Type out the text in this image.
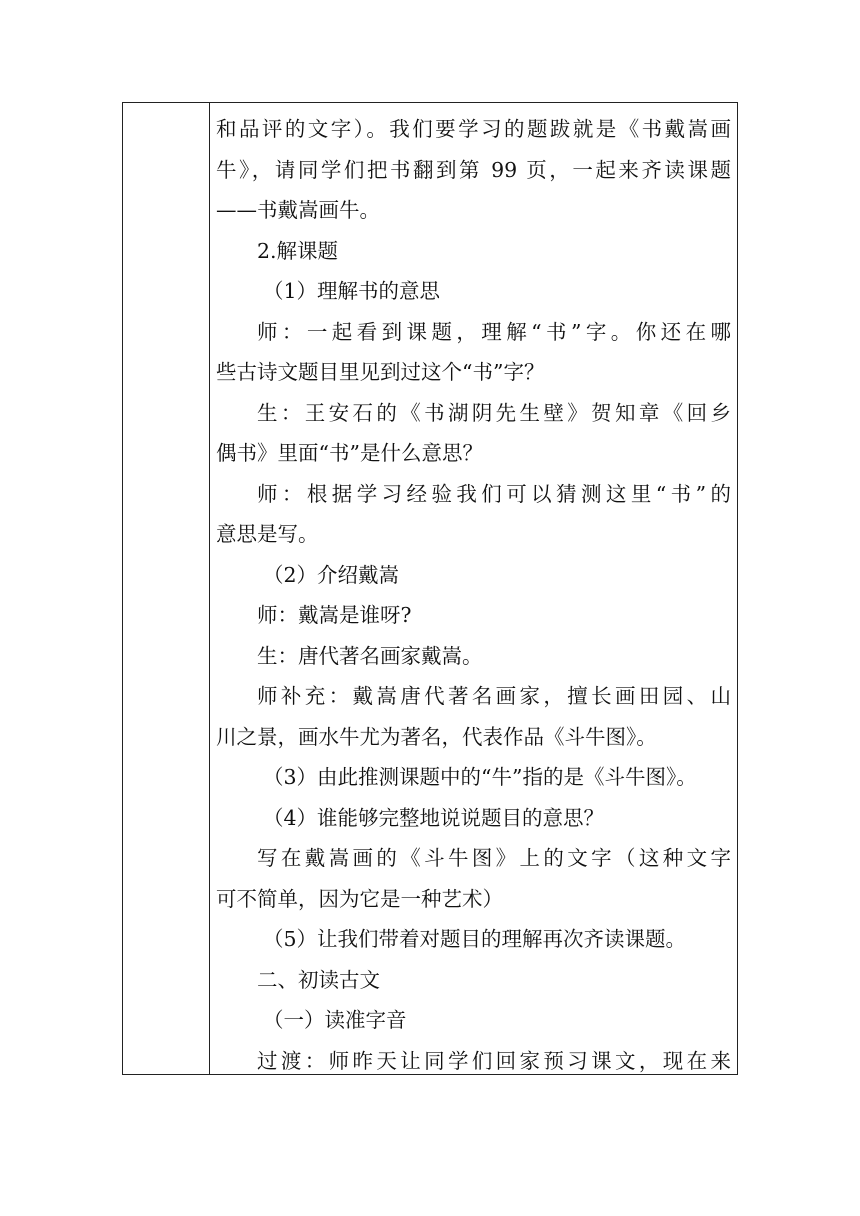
和品评的文字）。我们要学习的题跋就是《书戴嵩画
牛》，请同学们把书翻到第 99 页，一起来齐读课题
——书戴嵩画牛。
2.解课题
（1）理解书的意思
师：一起看到课题，理解“书”字。你还在哪
些古诗文题目里见到过这个“书”字？
生：王安石的《书湖阴先生壁》贺知章《回乡
偶书》里面“书”是什么意思？
师：根据学习经验我们可以猜测这里“书”的
意思是写。
（2）介绍戴嵩
师：戴嵩是谁呀?
生：唐代著名画家戴嵩。
师补充：戴嵩唐代著名画家，擅长画田园、山
川之景，画水牛尤为著名，代表作品《斗牛图》。
（3）由此推测课题中的“牛”指的是《斗牛图》。
（4）谁能够完整地说说题目的意思？
写在戴嵩画的《斗牛图》上的文字（这种文字
可不简单，因为它是一种艺术）
（5）让我们带着对题目的理解再次齐读课题。
二、初读古文
（一）读准字音
过渡：师昨天让同学们回家预习课文，现在来
